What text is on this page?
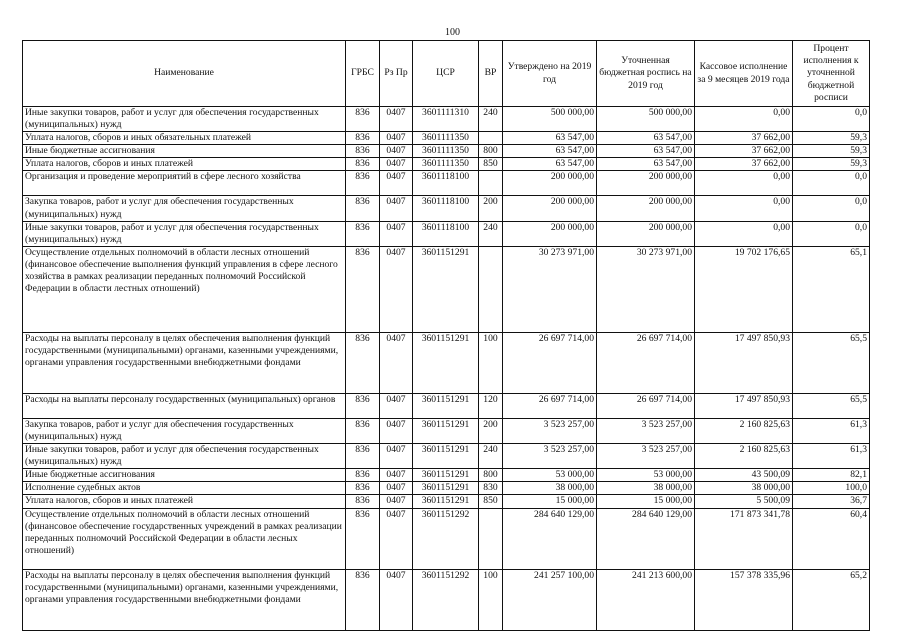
100
Наименование	ГРБС	Рз Пр	ЦСР	ВР	Утверждено на 2019 год	Уточненная бюджетная роспись на 2019 год	Кассовое исполнение за 9 месяцев 2019 года	Процент исполнения к уточненной бюджетной росписи
Иные закупки товаров, работ и услуг для обеспечения государственных (муниципальных) нужд	836	0407	3601111310	240	500 000,00	500 000,00	0,00	0,0
Уплата налогов, сборов и иных обязательных платежей	836	0407	3601111350		63 547,00	63 547,00	37 662,00	59,3
Иные бюджетные ассигнования	836	0407	3601111350	800	63 547,00	63 547,00	37 662,00	59,3
Уплата налогов, сборов и иных платежей	836	0407	3601111350	850	63 547,00	63 547,00	37 662,00	59,3
Организация и проведение мероприятий в сфере лесного хозяйства	836	0407	3601118100		200 000,00	200 000,00	0,00	0,0
Закупка товаров, работ и услуг для обеспечения государственных (муниципальных) нужд	836	0407	3601118100	200	200 000,00	200 000,00	0,00	0,0
Иные закупки товаров, работ и услуг для обеспечения государственных (муниципальных) нужд	836	0407	3601118100	240	200 000,00	200 000,00	0,00	0,0
Осуществление отдельных полномочий в области лесных отношений (финансовое обеспечение выполнения функций управления в сфере лесного хозяйства в рамках реализации переданных полномочий Российской Федерации в области лестных отношений)	836	0407	3601151291		30 273 971,00	30 273 971,00	19 702 176,65	65,1
Расходы на выплаты персоналу в целях обеспечения выполнения функций государственными (муниципальными) органами, казенными учреждениями, органами управления государственными внебюджетными фондами	836	0407	3601151291	100	26 697 714,00	26 697 714,00	17 497 850,93	65,5
Расходы на выплаты персоналу государственных (муниципальных) органов	836	0407	3601151291	120	26 697 714,00	26 697 714,00	17 497 850,93	65,5
Закупка товаров, работ и услуг для обеспечения государственных (муниципальных) нужд	836	0407	3601151291	200	3 523 257,00	3 523 257,00	2 160 825,63	61,3
Иные закупки товаров, работ и услуг для обеспечения государственных (муниципальных) нужд	836	0407	3601151291	240	3 523 257,00	3 523 257,00	2 160 825,63	61,3
Иные бюджетные ассигнования	836	0407	3601151291	800	53 000,00	53 000,00	43 500,09	82,1
Исполнение судебных актов	836	0407	3601151291	830	38 000,00	38 000,00	38 000,00	100,0
Уплата налогов, сборов и иных платежей	836	0407	3601151291	850	15 000,00	15 000,00	5 500,09	36,7
Осуществление отдельных полномочий в области лесных отношений (финансовое обеспечение государственных учреждений в рамках реализации переданных полномочий Российской Федерации в области лесных отношений)	836	0407	3601151292		284 640 129,00	284 640 129,00	171 873 341,78	60,4
Расходы на выплаты персоналу в целях обеспечения выполнения функций государственными (муниципальными) органами, казенными учреждениями, органами управления государственными внебюджетными фондами	836	0407	3601151292	100	241 257 100,00	241 213 600,00	157 378 335,96	65,2
